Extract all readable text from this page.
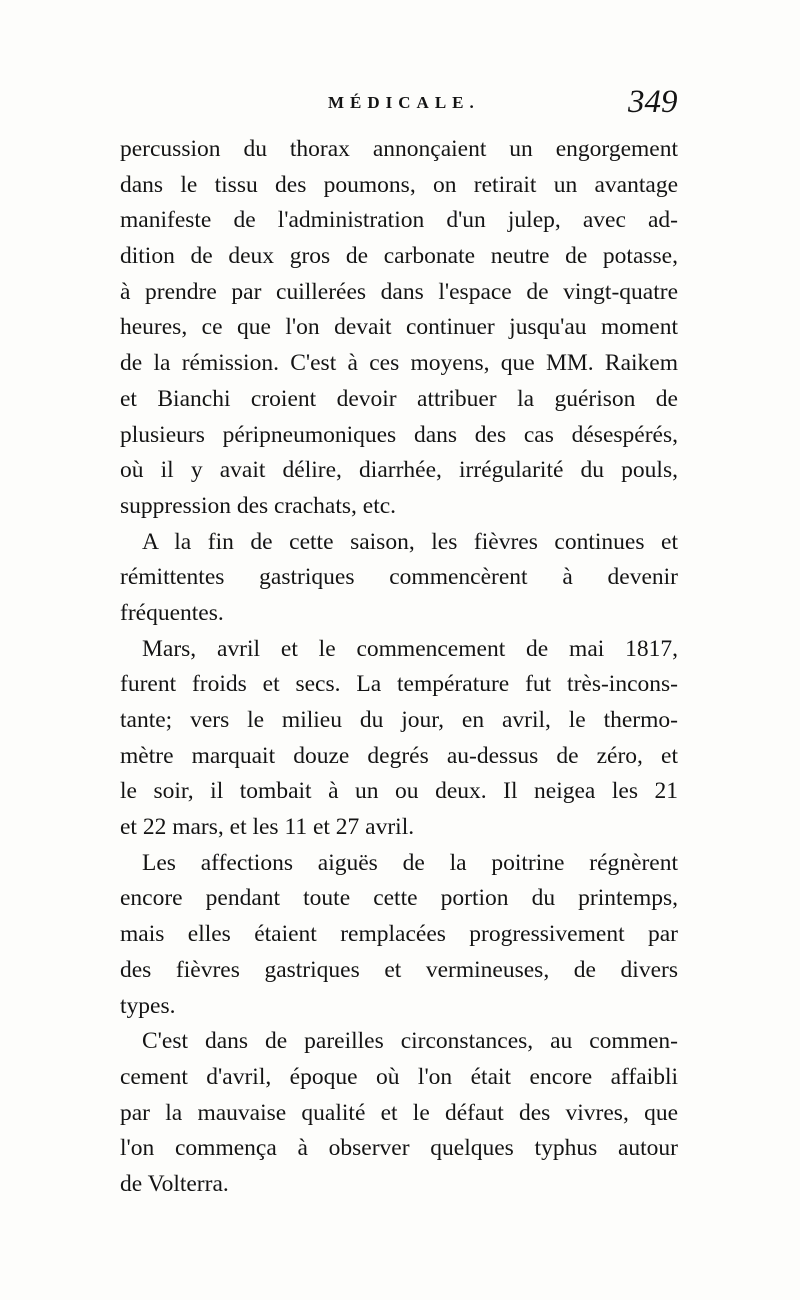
MÉDICALE.	349
percussion du thorax annonçaient un engorgement
dans le tissu des poumons, on retirait un avantage
manifeste de l'administration d'un julep, avec ad-
dition de deux gros de carbonate neutre de potasse,
à prendre par cuillerées dans l'espace de vingt-quatre
heures, ce que l'on devait continuer jusqu'au moment
de la rémission. C'est à ces moyens, que MM. Raikem
et Bianchi croient devoir attribuer la guérison de
plusieurs péripneumoniques dans des cas désespérés,
où il y avait délire, diarrhée, irrégularité du pouls,
suppression des crachats, etc.
A la fin de cette saison, les fièvres continues et
rémittentes gastriques commencèrent à devenir
fréquentes.
Mars, avril et le commencement de mai 1817,
furent froids et secs. La température fut très-incons-
tante; vers le milieu du jour, en avril, le thermo-
mètre marquait douze degrés au-dessus de zéro, et
le soir, il tombait à un ou deux. Il neigea les 21
et 22 mars, et les 11 et 27 avril.
Les affections aiguës de la poitrine régnèrent
encore pendant toute cette portion du printemps,
mais elles étaient remplacées progressivement par
des fièvres gastriques et vermineuses, de divers
types.
C'est dans de pareilles circonstances, au commen-
cement d'avril, époque où l'on était encore affaibli
par la mauvaise qualité et le défaut des vivres, que
l'on commença à observer quelques typhus autour
de Volterra.
